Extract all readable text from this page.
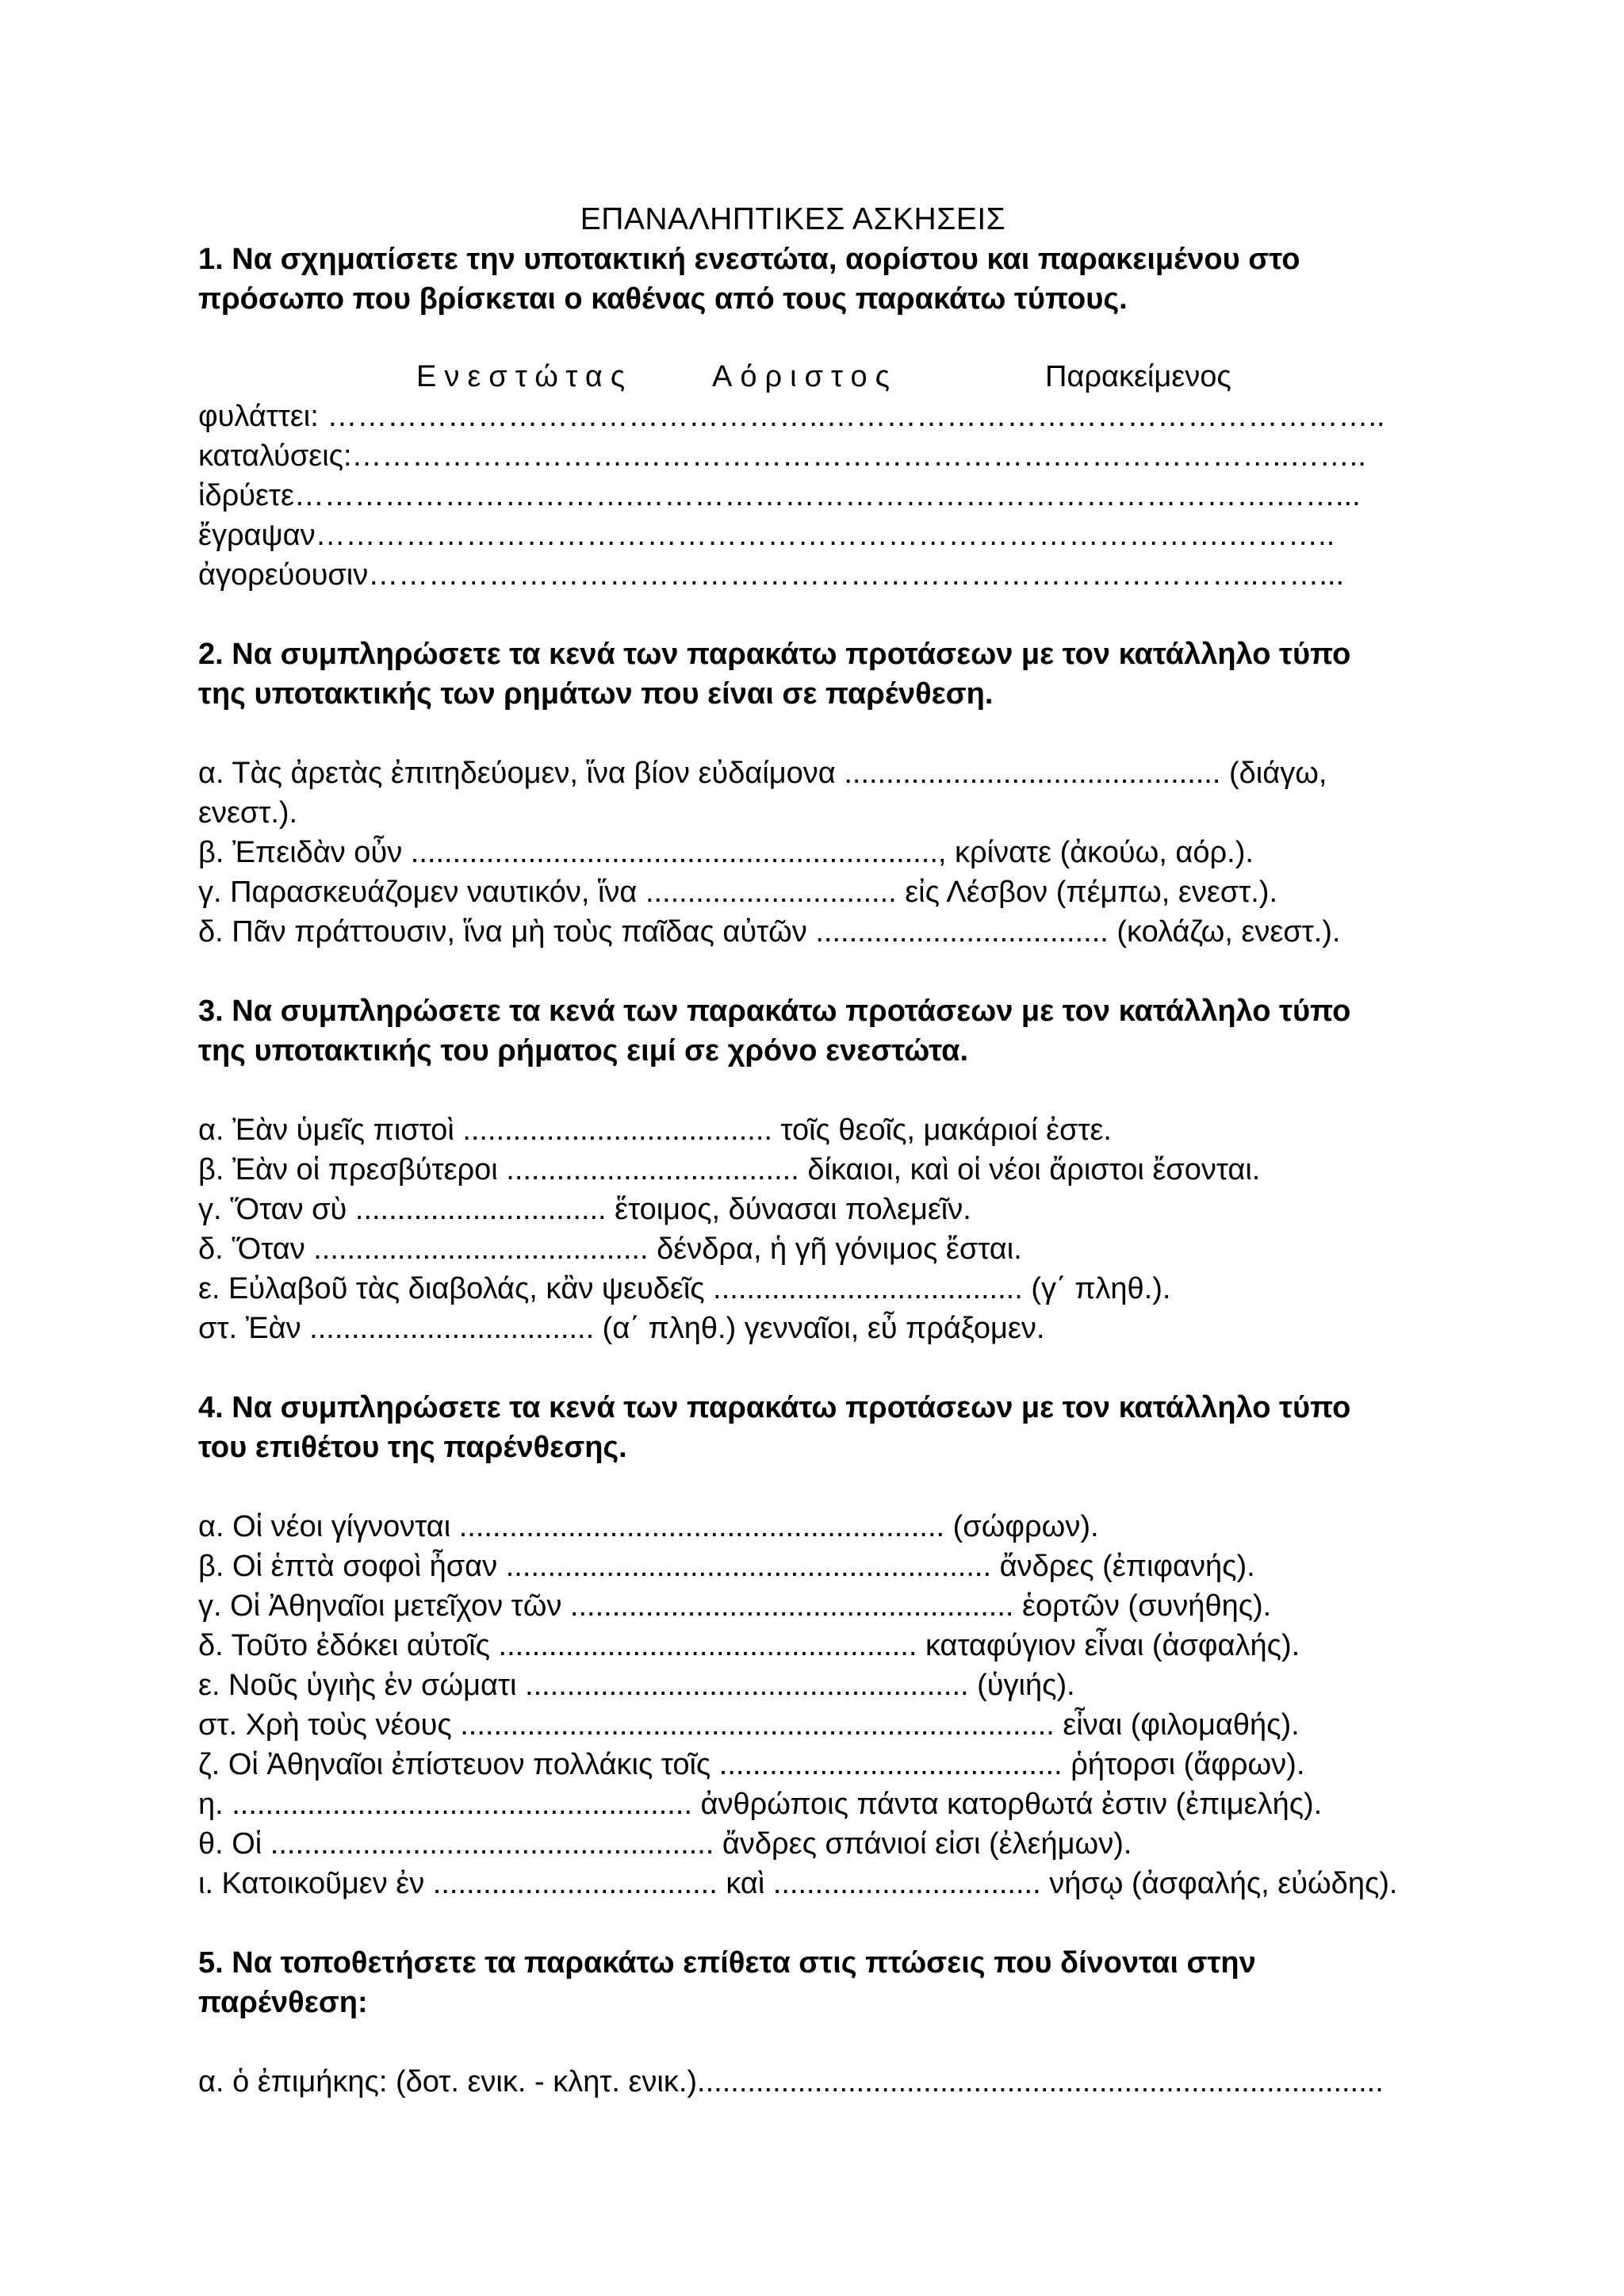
ΕΠΑΝΑΛΗΠΤΙΚΕΣ ΑΣΚΗΣΕΙΣ

1. Να σχηματίσετε την υποτακτική ενεστώτα, αορίστου και παρακειμένου στο

πρόσωπο που βρίσκεται ο καθένας από τους παρακάτω τύπους.

Ενεστώτας	Αόριστος	Παρακείμενος

φυλάττει: …………………………………………..………………………………………………..

καταλύσεις:……………………….…………………………………….…………………..……..

ἱδρύετε…………………………….……………………………………………………….……...

ἔγραψαν……………………………………………………………………………….………..

ἀγορεύουσιν……………………………………………………………………………..……...

2. Να συμπληρώσετε τα κενά των παρακάτω προτάσεων με τον κατάλληλο τύπο

της υποτακτικής των ρημάτων που είναι σε παρένθεση.

α. Τὰς ἀρετὰς ἐπιτηδεύομεν, ἵνα βίον εὐδαίμονα ............................................. (διάγω,

ενεστ.).

β. Ἐπειδὰν οὖν ..............................................................., κρίνατε (ἀκούω, αόρ.).

γ. Παρασκευάζομεν ναυτικόν, ἵνα .............................. εἰς Λέσβον (πέμπω, ενεστ.).

δ. Πᾶν πράττουσιν, ἵνα μὴ τοὺς παῖδας αὐτῶν ................................... (κολάζω, ενεστ.).

3. Να συμπληρώσετε τα κενά των παρακάτω προτάσεων με τον κατάλληλο τύπο

της υποτακτικής του ρήματος ειμί σε χρόνο ενεστώτα.

α. Ἐὰν ὑμεῖς πιστοὶ ..................................... τοῖς θεοῖς, μακάριοί ἐστε.

β. Ἐὰν οἱ πρεσβύτεροι ................................... δίκαιοι, καὶ οἱ νέοι ἄριστοι ἔσονται.

γ. Ὅταν σὺ .............................. ἕτοιμος, δύνασαι πολεμεῖν.

δ. Ὅταν ........................................ δένδρα, ἡ γῆ γόνιμος ἔσται.

ε. Εὐλαβοῦ τὰς διαβολάς, κἂν ψευδεῖς ..................................... (γ΄ πληθ.).

στ. Ἐὰν .................................. (α΄ πληθ.) γενναῖοι, εὖ πράξομεν.

4. Να συμπληρώσετε τα κενά των παρακάτω προτάσεων με τον κατάλληλο τύπο

του επιθέτου της παρένθεσης.

α. Οἱ νέοι γίγνονται .......................................................... (σώφρων).

β. Οἱ ἑπτὰ σοφοὶ ἦσαν .......................................................... ἄνδρες (ἐπιφανής).

γ. Οἱ Ἀθηναῖοι μετεῖχον τῶν ..................................................... ἑορτῶν (συνήθης).

δ. Τοῦτο ἐδόκει αὐτοῖς .................................................. καταφύγιον εἶναι (ἀσφαλής).

ε. Νοῦς ὑγιὴς ἐν σώματι ..................................................... (ὑγιής).

στ. Χρὴ τοὺς νέους ....................................................................... εἶναι (φιλομαθής).

ζ. Οἱ Ἀθηναῖοι ἐπίστευον πολλάκις τοῖς ......................................... ῥήτορσι (ἄφρων).

η. ....................................................... ἀνθρώποις πάντα κατορθωτά ἐστιν (ἐπιμελής).

θ. Οἱ ..................................................... ἄνδρες σπάνιοί εἰσι (ἐλεήμων).

ι. Κατοικοῦμεν ἐν .................................. καὶ ................................ νήσῳ (ἀσφαλής, εὐώδης).

5. Να τοποθετήσετε τα παρακάτω επίθετα στις πτώσεις που δίνονται στην

παρένθεση:

α. ὁ ἐπιμήκης: (δοτ. ενικ. - κλητ. ενικ.)..................................................................................
